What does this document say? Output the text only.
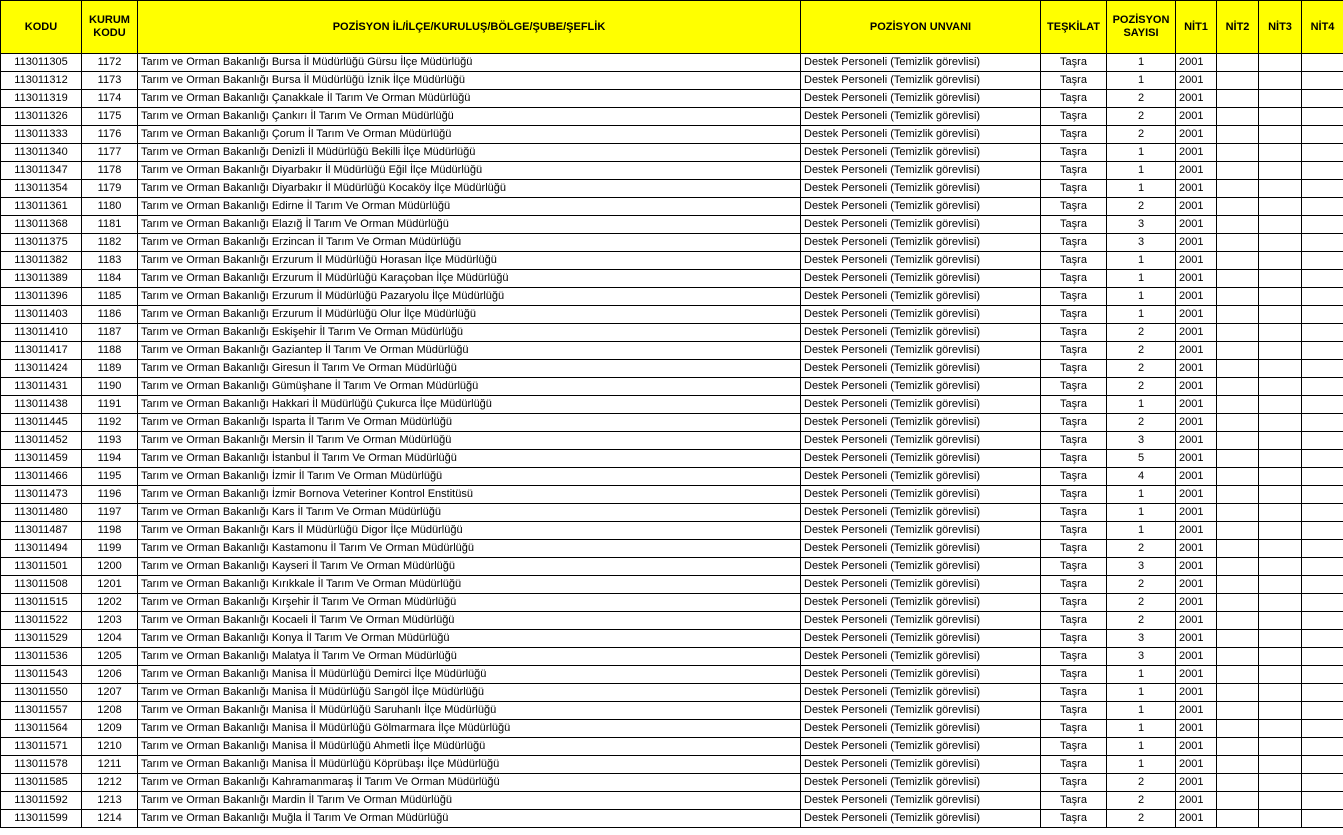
KODU	KURUM KODU	POZİSYON İL/İLÇE/KURULUŞ/BÖLGE/ŞUBE/ŞEFLİK	POZİSYON UNVANI	TEŞKİLAT	POZİSYON SAYISI	NİT1	NİT2	NİT3	NİT4
113011305	1172	Tarım ve Orman Bakanlığı Bursa İl Müdürlüğü Gürsu İlçe Müdürlüğü	Destek Personeli (Temizlik görevlisi)	Taşra	1	2001			
113011312	1173	Tarım ve Orman Bakanlığı Bursa İl Müdürlüğü İznik İlçe Müdürlüğü	Destek Personeli (Temizlik görevlisi)	Taşra	1	2001			
113011319	1174	Tarım ve Orman Bakanlığı Çanakkale İl Tarım Ve Orman Müdürlüğü	Destek Personeli (Temizlik görevlisi)	Taşra	2	2001			
113011326	1175	Tarım ve Orman Bakanlığı Çankırı İl Tarım Ve Orman Müdürlüğü	Destek Personeli (Temizlik görevlisi)	Taşra	2	2001			
113011333	1176	Tarım ve Orman Bakanlığı Çorum İl Tarım Ve Orman Müdürlüğü	Destek Personeli (Temizlik görevlisi)	Taşra	2	2001			
113011340	1177	Tarım ve Orman Bakanlığı Denizli İl Müdürlüğü Bekilli İlçe Müdürlüğü	Destek Personeli (Temizlik görevlisi)	Taşra	1	2001			
113011347	1178	Tarım ve Orman Bakanlığı Diyarbakır İl Müdürlüğü Eğil İlçe Müdürlüğü	Destek Personeli (Temizlik görevlisi)	Taşra	1	2001			
113011354	1179	Tarım ve Orman Bakanlığı Diyarbakır İl Müdürlüğü Kocaköy İlçe Müdürlüğü	Destek Personeli (Temizlik görevlisi)	Taşra	1	2001			
113011361	1180	Tarım ve Orman Bakanlığı Edirne İl Tarım Ve Orman Müdürlüğü	Destek Personeli (Temizlik görevlisi)	Taşra	2	2001			
113011368	1181	Tarım ve Orman Bakanlığı Elazığ İl Tarım Ve Orman Müdürlüğü	Destek Personeli (Temizlik görevlisi)	Taşra	3	2001			
113011375	1182	Tarım ve Orman Bakanlığı Erzincan İl Tarım Ve Orman Müdürlüğü	Destek Personeli (Temizlik görevlisi)	Taşra	3	2001			
113011382	1183	Tarım ve Orman Bakanlığı Erzurum İl Müdürlüğü Horasan İlçe Müdürlüğü	Destek Personeli (Temizlik görevlisi)	Taşra	1	2001			
113011389	1184	Tarım ve Orman Bakanlığı Erzurum İl Müdürlüğü Karaçoban İlçe Müdürlüğü	Destek Personeli (Temizlik görevlisi)	Taşra	1	2001			
113011396	1185	Tarım ve Orman Bakanlığı Erzurum İl Müdürlüğü Pazaryolu İlçe Müdürlüğü	Destek Personeli (Temizlik görevlisi)	Taşra	1	2001			
113011403	1186	Tarım ve Orman Bakanlığı Erzurum İl Müdürlüğü Olur İlçe Müdürlüğü	Destek Personeli (Temizlik görevlisi)	Taşra	1	2001			
113011410	1187	Tarım ve Orman Bakanlığı Eskişehir İl Tarım Ve Orman Müdürlüğü	Destek Personeli (Temizlik görevlisi)	Taşra	2	2001			
113011417	1188	Tarım ve Orman Bakanlığı Gaziantep İl Tarım Ve Orman Müdürlüğü	Destek Personeli (Temizlik görevlisi)	Taşra	2	2001			
113011424	1189	Tarım ve Orman Bakanlığı Giresun İl Tarım Ve Orman Müdürlüğü	Destek Personeli (Temizlik görevlisi)	Taşra	2	2001			
113011431	1190	Tarım ve Orman Bakanlığı Gümüşhane İl Tarım Ve Orman Müdürlüğü	Destek Personeli (Temizlik görevlisi)	Taşra	2	2001			
113011438	1191	Tarım ve Orman Bakanlığı Hakkari İl Müdürlüğü Çukurca İlçe Müdürlüğü	Destek Personeli (Temizlik görevlisi)	Taşra	1	2001			
113011445	1192	Tarım ve Orman Bakanlığı Isparta İl Tarım Ve Orman Müdürlüğü	Destek Personeli (Temizlik görevlisi)	Taşra	2	2001			
113011452	1193	Tarım ve Orman Bakanlığı Mersin İl Tarım Ve Orman Müdürlüğü	Destek Personeli (Temizlik görevlisi)	Taşra	3	2001			
113011459	1194	Tarım ve Orman Bakanlığı İstanbul İl Tarım Ve Orman Müdürlüğü	Destek Personeli (Temizlik görevlisi)	Taşra	5	2001			
113011466	1195	Tarım ve Orman Bakanlığı İzmir İl Tarım Ve Orman Müdürlüğü	Destek Personeli (Temizlik görevlisi)	Taşra	4	2001			
113011473	1196	Tarım ve Orman Bakanlığı İzmir Bornova Veteriner Kontrol Enstitüsü	Destek Personeli (Temizlik görevlisi)	Taşra	1	2001			
113011480	1197	Tarım ve Orman Bakanlığı Kars İl Tarım Ve Orman Müdürlüğü	Destek Personeli (Temizlik görevlisi)	Taşra	1	2001			
113011487	1198	Tarım ve Orman Bakanlığı Kars İl Müdürlüğü Digor İlçe Müdürlüğü	Destek Personeli (Temizlik görevlisi)	Taşra	1	2001			
113011494	1199	Tarım ve Orman Bakanlığı Kastamonu İl Tarım Ve Orman Müdürlüğü	Destek Personeli (Temizlik görevlisi)	Taşra	2	2001			
113011501	1200	Tarım ve Orman Bakanlığı Kayseri İl Tarım Ve Orman Müdürlüğü	Destek Personeli (Temizlik görevlisi)	Taşra	3	2001			
113011508	1201	Tarım ve Orman Bakanlığı Kırıkkale İl Tarım Ve Orman Müdürlüğü	Destek Personeli (Temizlik görevlisi)	Taşra	2	2001			
113011515	1202	Tarım ve Orman Bakanlığı Kırşehir İl Tarım Ve Orman Müdürlüğü	Destek Personeli (Temizlik görevlisi)	Taşra	2	2001			
113011522	1203	Tarım ve Orman Bakanlığı Kocaeli İl Tarım Ve Orman Müdürlüğü	Destek Personeli (Temizlik görevlisi)	Taşra	2	2001			
113011529	1204	Tarım ve Orman Bakanlığı Konya İl Tarım Ve Orman Müdürlüğü	Destek Personeli (Temizlik görevlisi)	Taşra	3	2001			
113011536	1205	Tarım ve Orman Bakanlığı Malatya İl Tarım Ve Orman Müdürlüğü	Destek Personeli (Temizlik görevlisi)	Taşra	3	2001			
113011543	1206	Tarım ve Orman Bakanlığı Manisa İl Müdürlüğü Demirci İlçe Müdürlüğü	Destek Personeli (Temizlik görevlisi)	Taşra	1	2001			
113011550	1207	Tarım ve Orman Bakanlığı Manisa İl Müdürlüğü Sarıgöl İlçe Müdürlüğü	Destek Personeli (Temizlik görevlisi)	Taşra	1	2001			
113011557	1208	Tarım ve Orman Bakanlığı Manisa İl Müdürlüğü Saruhanlı İlçe Müdürlüğü	Destek Personeli (Temizlik görevlisi)	Taşra	1	2001			
113011564	1209	Tarım ve Orman Bakanlığı Manisa İl Müdürlüğü Gölmarmara İlçe Müdürlüğü	Destek Personeli (Temizlik görevlisi)	Taşra	1	2001			
113011571	1210	Tarım ve Orman Bakanlığı Manisa İl Müdürlüğü Ahmetli İlçe Müdürlüğü	Destek Personeli (Temizlik görevlisi)	Taşra	1	2001			
113011578	1211	Tarım ve Orman Bakanlığı Manisa İl Müdürlüğü Köprübaşı İlçe Müdürlüğü	Destek Personeli (Temizlik görevlisi)	Taşra	1	2001			
113011585	1212	Tarım ve Orman Bakanlığı Kahramanmaraş İl Tarım Ve Orman Müdürlüğü	Destek Personeli (Temizlik görevlisi)	Taşra	2	2001			
113011592	1213	Tarım ve Orman Bakanlığı Mardin İl Tarım Ve Orman Müdürlüğü	Destek Personeli (Temizlik görevlisi)	Taşra	2	2001			
113011599	1214	Tarım ve Orman Bakanlığı Muğla İl Tarım Ve Orman Müdürlüğü	Destek Personeli (Temizlik görevlisi)	Taşra	2	2001			
